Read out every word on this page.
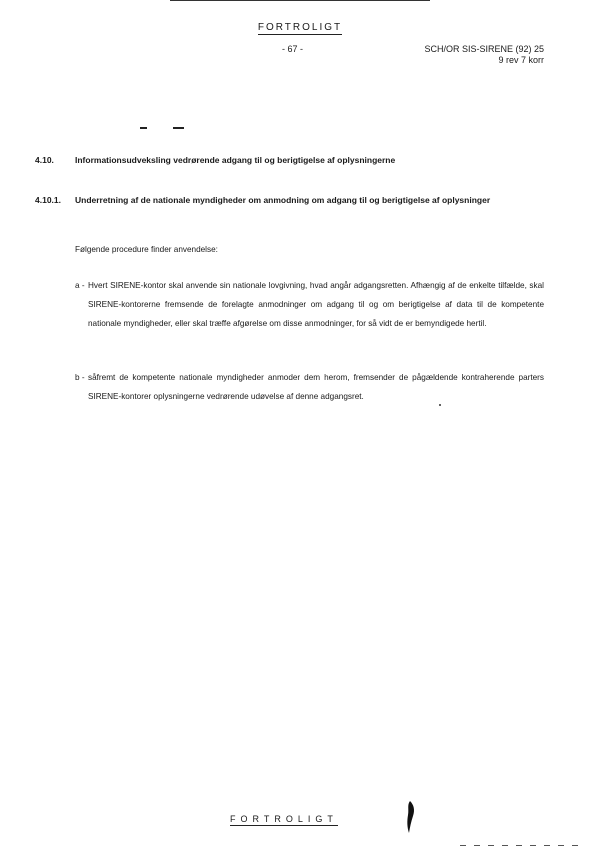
FORTROLIGT
- 67 -	SCH/OR SIS-SIRENE (92) 25
9 rev 7 korr
4.10. Informationsudveksling vedrørende adgang til og berigtigelse af oplysningerne
4.10.1. Underretning af de nationale myndigheder om anmodning om adgang til og berigtigelse af oplysninger
Følgende procedure finder anvendelse:
a - Hvert SIRENE-kontor skal anvende sin nationale lovgivning, hvad angår adgangsretten. Afhængig af de enkelte tilfælde, skal SIRENE-kontorerne fremsende de forelagte anmodninger om adgang til og om berigtigelse af data til de kompetente nationale myndigheder, eller skal træffe afgørelse om disse anmodninger, for så vidt de er bemyndigede hertil.
b - såfremt de kompetente nationale myndigheder anmoder dem herom, fremsender de pågældende kontraherende parters SIRENE-kontorer oplysningerne vedrørende udøvelse af denne adgangsret.
FORTROLIGT
